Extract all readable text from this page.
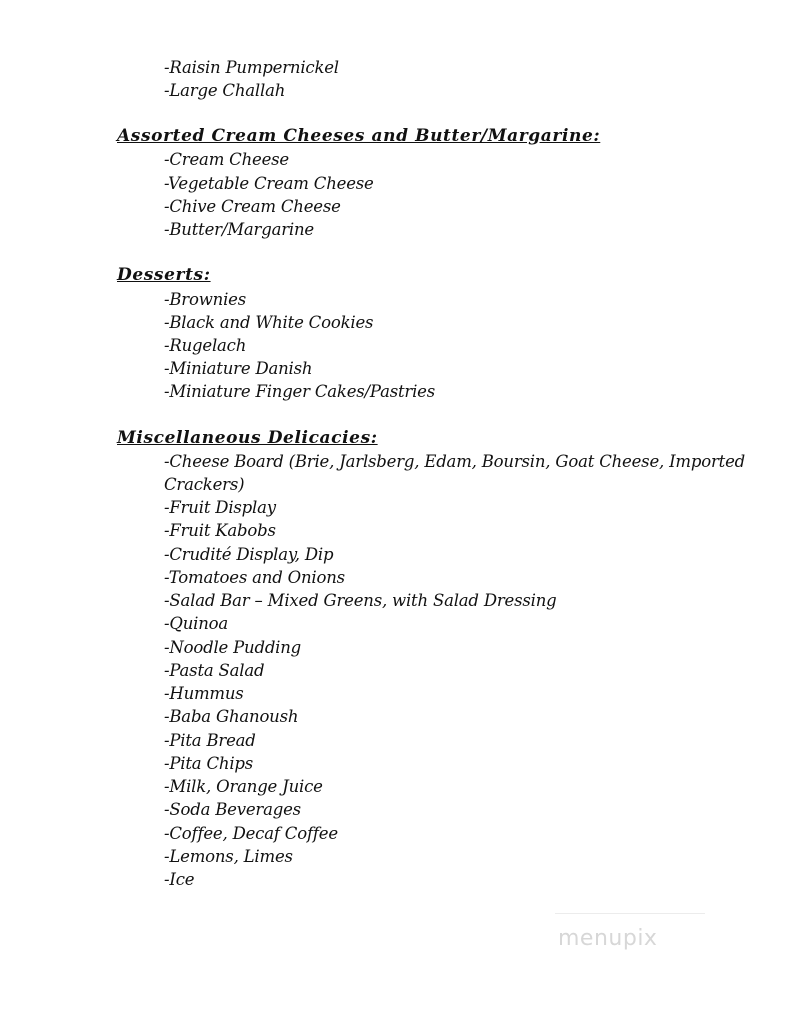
-Raisin Pumpernickel
-Large Challah
Assorted Cream Cheeses and Butter/Margarine:
-Cream Cheese
-Vegetable Cream Cheese
-Chive Cream Cheese
-Butter/Margarine
Desserts:
-Brownies
-Black and White Cookies
-Rugelach
-Miniature Danish
-Miniature Finger Cakes/Pastries
Miscellaneous Delicacies:
-Cheese Board (Brie, Jarlsberg, Edam, Boursin, Goat Cheese, Imported
Crackers)
-Fruit Display
-Fruit Kabobs
-Crudité Display, Dip
-Tomatoes and Onions
-Salad Bar – Mixed Greens, with Salad Dressing
-Quinoa
-Noodle Pudding
-Pasta Salad
-Hummus
-Baba Ghanoush
-Pita Bread
-Pita Chips
-Milk, Orange Juice
-Soda Beverages
-Coffee, Decaf Coffee
-Lemons, Limes
-Ice
menupix
